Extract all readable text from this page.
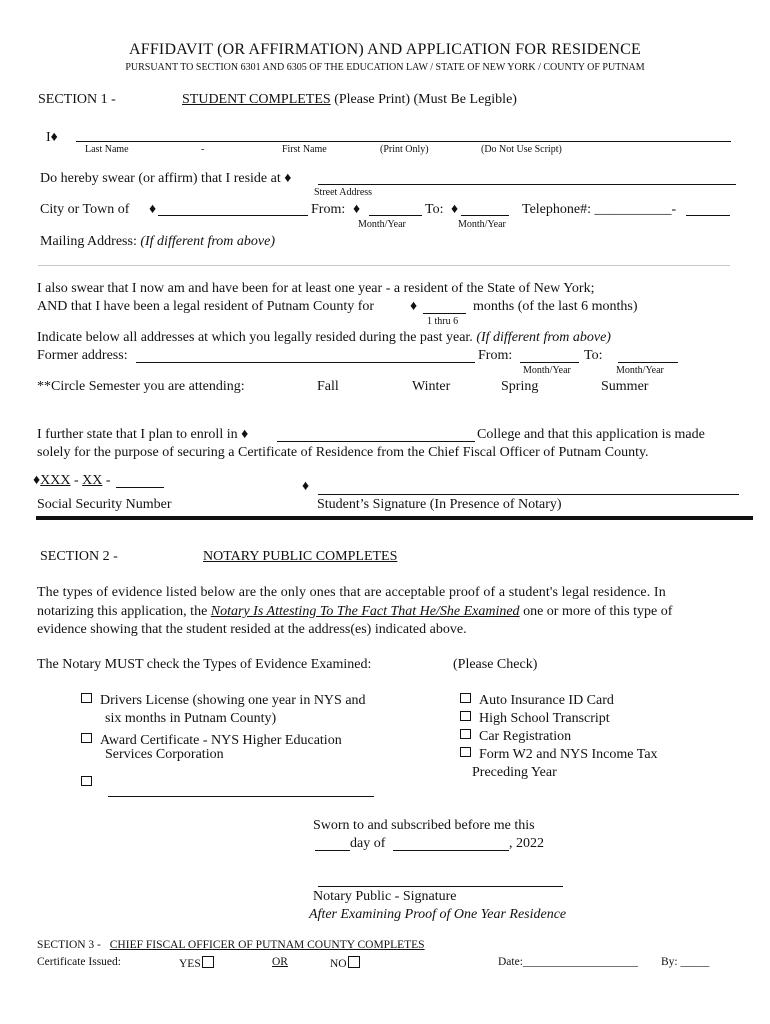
AFFIDAVIT (OR AFFIRMATION) AND APPLICATION FOR RESIDENCE
PURSUANT TO SECTION 6301 AND 6305 OF THE EDUCATION LAW / STATE OF NEW YORK / COUNTY OF PUTNAM
SECTION 1 -	STUDENT COMPLETES (Please Print) (Must Be Legible)
I♦
Last Name	-	First Name	(Print Only)	(Do Not Use Script)
Do hereby swear (or affirm) that I reside at ♦
Street Address
City or Town of ♦	From: ♦	To: ♦	Telephone#: ___________-
Month/Year	Month/Year
Mailing Address: (If different from above)
I also swear that I now am and have been for at least one year - a resident of the State of New York;
AND that I have been a legal resident of Putnam County for	♦	months (of the last 6 months)
1 thru 6
Indicate below all addresses at which you legally resided during the past year. (If different from above)
Former address:	From:	To:
Month/Year	Month/Year
**Circle Semester you are attending:	Fall	Winter	Spring	Summer
I further state that I plan to enroll in ♦	College and that this application is made
solely for the purpose of securing a Certificate of Residence from the Chief Fiscal Officer of Putnam County.
♦XXX - XX -	♦
Social Security Number	Student’s Signature (In Presence of Notary)
SECTION 2 -	NOTARY PUBLIC COMPLETES
The types of evidence listed below are the only ones that are acceptable proof of a student's legal residence. In
notarizing this application, the Notary Is Attesting To The Fact That He/She Examined one or more of this type of
evidence showing that the student resided at the address(es) indicated above.
The Notary MUST check the Types of Evidence Examined:	(Please Check)
Drivers License (showing one year in NYS and
six months in Putnam County)
Award Certificate - NYS Higher Education
Services Corporation
Auto Insurance ID Card
High School Transcript
Car Registration
Form W2 and NYS Income Tax
Preceding Year
Sworn to and subscribed before me this
day of	, 2022
Notary Public - Signature
After Examining Proof of One Year Residence
SECTION 3 - CHIEF FISCAL OFFICER OF PUTNAM COUNTY COMPLETES
Certificate Issued:	YES	OR	NO	Date:____________________ By: _____
